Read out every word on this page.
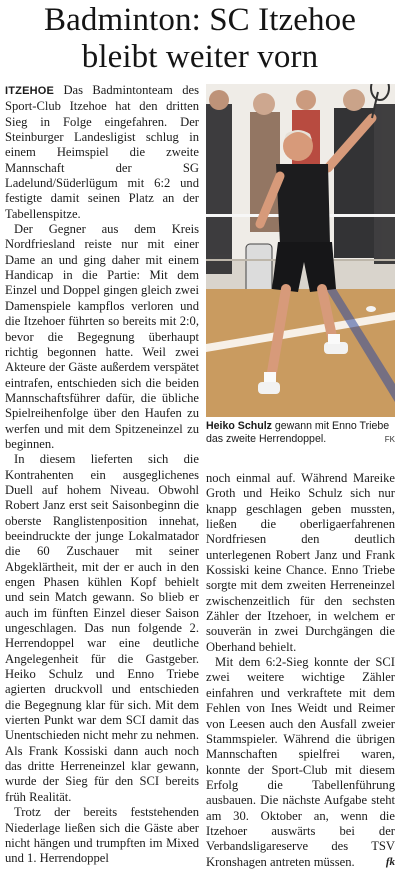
Badminton: SC Itzehoe
bleibt weiter vorn

ITZEHOE Das Badmintonteam des Sport-Club Itzehoe hat den dritten Sieg in Folge eingefahren. Der Steinburger Landesligist schlug in einem Heimspiel die zweite Mannschaft der SG Ladelund/Süderlügum mit 6:2 und festigte damit seinen Platz an der Tabellenspitze.

Der Gegner aus dem Kreis Nordfriesland reiste nur mit einer Dame an und ging daher mit einem Handicap in die Partie: Mit dem Einzel und Doppel gingen gleich zwei Damenspiele kampflos verloren und die Itzehoer führten so bereits mit 2:0, bevor die Begegnung überhaupt richtig begonnen hatte. Weil zwei Akteure der Gäste außerdem verspätet eintrafen, entschieden sich die beiden Mannschaftsführer dafür, die übliche Spielreihenfolge über den Haufen zu werfen und mit dem Spitzeneinzel zu beginnen.

In diesem lieferten sich die Kontrahenten ein ausgeglichenes Duell auf hohem Niveau. Obwohl Robert Janz erst seit Saisonbeginn die oberste Ranglistenposition innehat, beeindruckte der junge Lokalmatador die 60 Zuschauer mit seiner Abgeklärtheit, mit der er auch in den engen Phasen kühlen Kopf behielt und sein Match gewann. So blieb er auch im fünften Einzel dieser Saison ungeschlagen. Das nun folgende 2. Herrendoppel war eine deutliche Angelegenheit für die Gastgeber. Heiko Schulz und Enno Triebe agierten druckvoll und entschieden die Begegnung klar für sich. Mit dem vierten Punkt war dem SCI damit das Unentschieden nicht mehr zu nehmen. Als Frank Kossiski dann auch noch das dritte Herreneinzel klar gewann, wurde der Sieg für den SCI bereits früh Realität.

Trotz der bereits feststehenden Niederlage ließen sich die Gäste aber nicht hängen und trumpften im Mixed und 1. Herrendoppel

Heiko Schulz gewann mit Enno Triebe das zweite Herrendoppel.	FK

noch einmal auf. Während Mareike Groth und Heiko Schulz sich nur knapp geschlagen geben mussten, ließen die oberligaerfahrenen Nordfriesen den deutlich unterlegenen Robert Janz und Frank Kossiski keine Chance. Enno Triebe sorgte mit dem zweiten Herreneinzel zwischenzeitlich für den sechsten Zähler der Itzehoer, in welchem er souverän in zwei Durchgängen die Oberhand behielt.

Mit dem 6:2-Sieg konnte der SCI zwei weitere wichtige Zähler einfahren und verkraftete mit dem Fehlen von Ines Weidt und Reimer von Leesen auch den Ausfall zweier Stammspieler. Während die übrigen Mannschaften spielfrei waren, konnte der Sport-Club mit diesem Erfolg die Tabellenführung ausbauen. Die nächste Aufgabe steht am 30. Oktober an, wenn die Itzehoer auswärts bei der Verbandsligareserve des TSV Kronshagen antreten müssen.	fk
